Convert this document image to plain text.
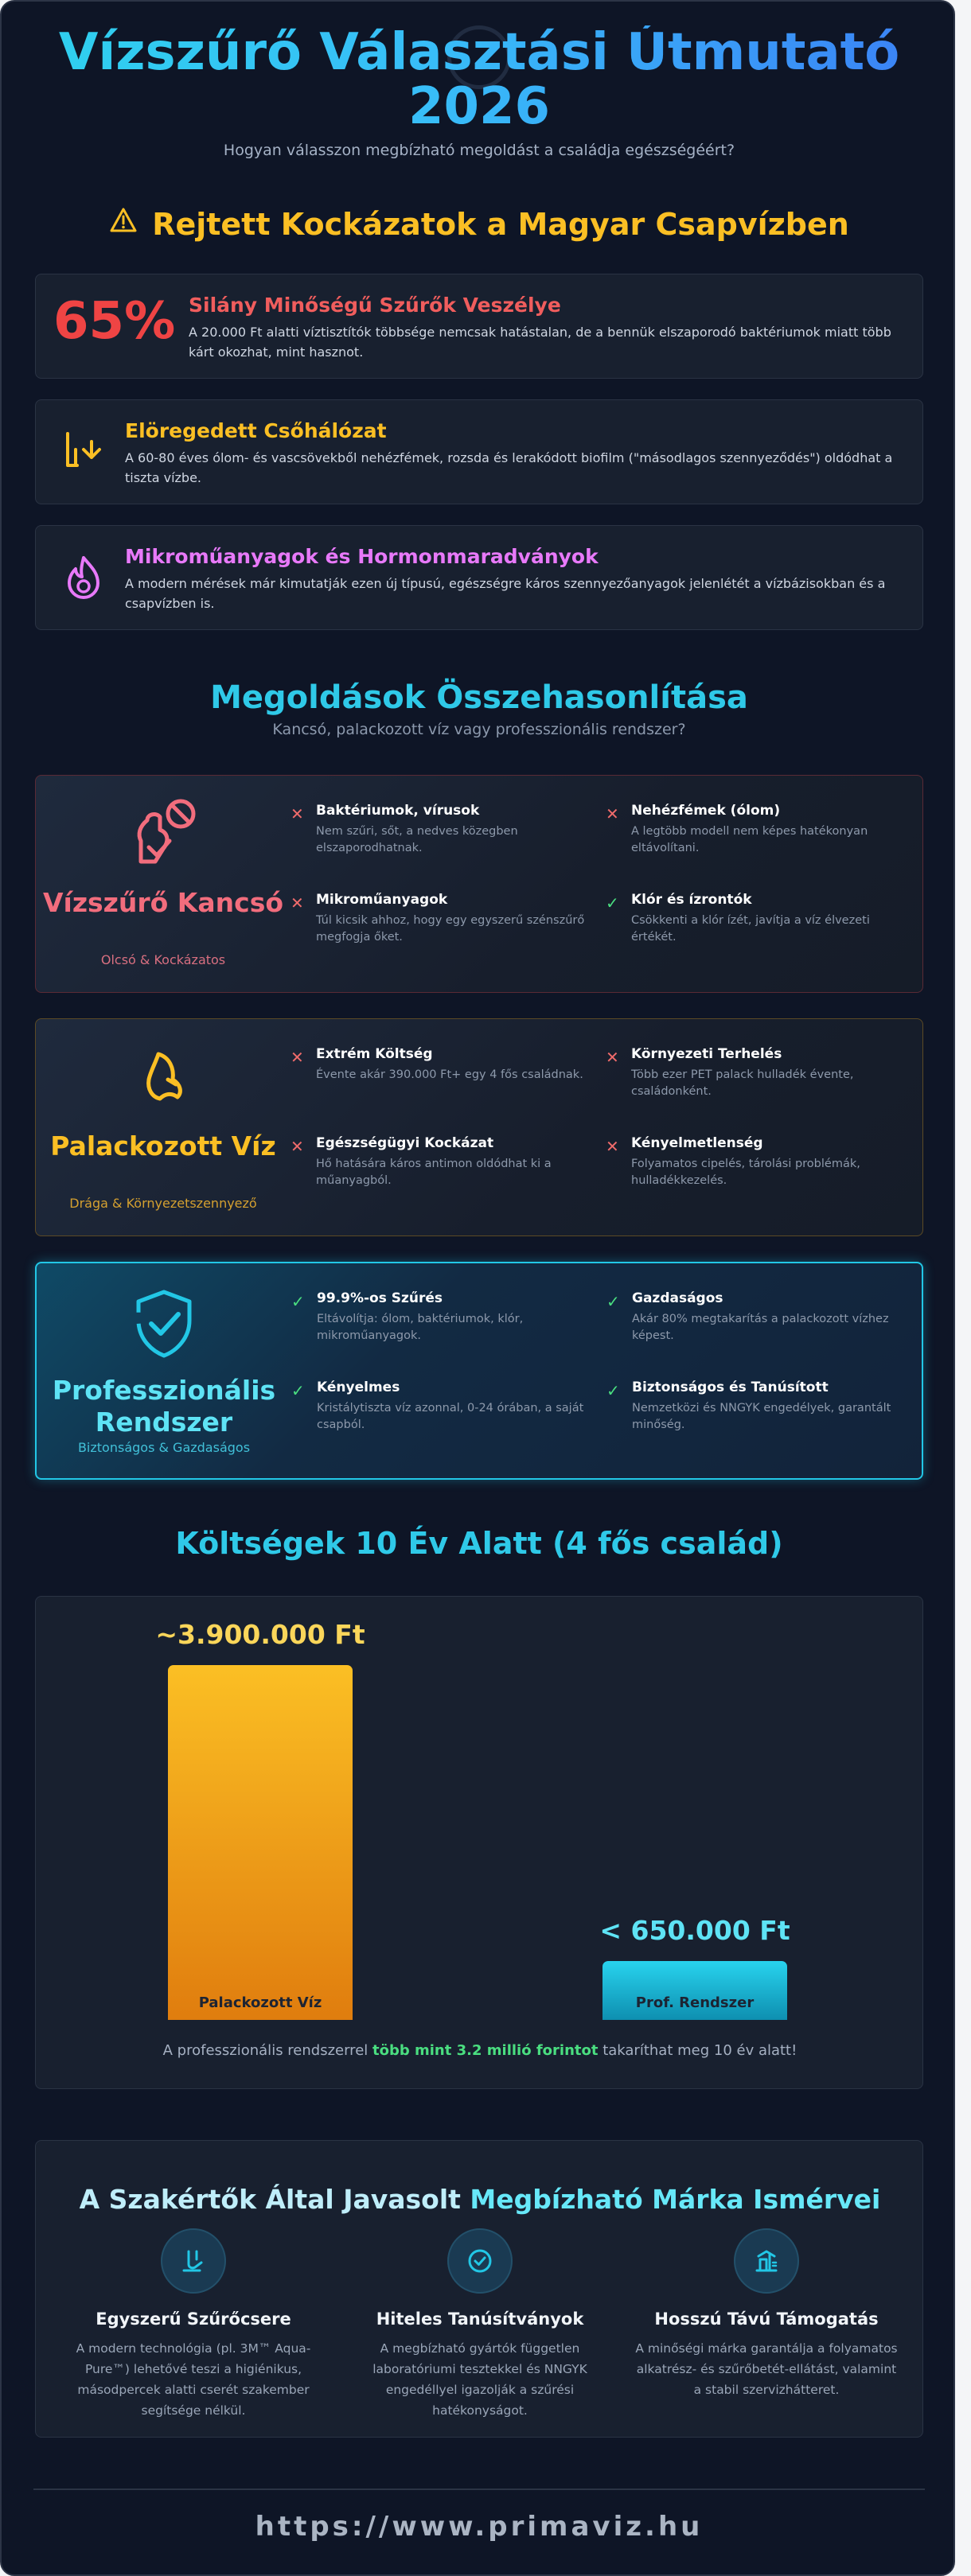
Vízszűrő Választási Útmutató 2026
Hogyan válasszon megbízható megoldást a családja egészségéért?
Rejtett Kockázatok a Magyar Csapvízben
65% Silány Minőségű Szűrők Veszélye
A 20.000 Ft alatti víztisztítók többsége nemcsak hatástalan, de a bennük elszaporodó baktériumok miatt több kárt okozhat, mint hasznot.
Elöregedett Csőhálózat
A 60-80 éves ólom- és vascsövekből nehézfémek, rozsda és lerakódott biofilm ("másodlagos szennyeződés") oldódhat a tiszta vízbe.
Mikroműanyagok és Hormonmaradványok
A modern mérések már kimutatják ezen új típusú, egészségre káros szennyezőanyagok jelenlétét a vízbázisokban és a csapvízben is.
Megoldások Összehasonlítása
Kancsó, palackozott víz vagy professzionális rendszer?
Vízszűrő Kancsó
Olcsó & Kockázatos
✕ Baktériumok, vírusok
Nem szűri, sőt, a nedves közegben elszaporodhatnak.
✕ Nehézfémek (ólom)
A legtöbb modell nem képes hatékonyan eltávolítani.
✕ Mikroműanyagok
Túl kicsik ahhoz, hogy egy egyszerű szénszűrő megfogja őket.
✓ Klór és ízrontók
Csökkenti a klór ízét, javítja a víz élvezeti értékét.
Palackozott Víz
Drága & Környezetszennyező
✕ Extrém Költség
Évente akár 390.000 Ft+ egy 4 fős családnak.
✕ Környezeti Terhelés
Több ezer PET palack hulladék évente, családonként.
✕ Egészségügyi Kockázat
Hő hatására káros antimon oldódhat ki a műanyagból.
✕ Kényelmetlenség
Folyamatos cipelés, tárolási problémák, hulladékkezelés.
Professzionális Rendszer
Biztonságos & Gazdaságos
✓ 99.9%-os Szűrés
Eltávolítja: ólom, baktériumok, klór, mikroműanyagok.
✓ Gazdaságos
Akár 80% megtakarítás a palackozott vízhez képest.
✓ Kényelmes
Kristálytiszta víz azonnal, 0-24 órában, a saját csapból.
✓ Biztonságos és Tanúsított
Nemzetközi és NNGYK engedélyek, garantált minőség.
Költségek 10 Év Alatt (4 fős család)
A professzionális rendszerrel több mint 3.2 millió forintot takaríthat meg 10 év alatt!
Palackozott Víz
~3.900.000 Ft
Prof. Rendszer
< 650.000 Ft
A Szakértők Által Javasolt Megbízható Márka Ismérvei
Egyszerű Szűrőcsere
A modern technológia (pl. 3M™ Aqua-Pure™) lehetővé teszi a higiénikus, másodpercek alatti cserét szakember segítsége nélkül.
Hiteles Tanúsítványok
A megbízható gyártók független laboratóriumi tesztekkel és NNGYK engedéllyel igazolják a szűrési hatékonyságot.
Hosszú Távú Támogatás
A minőségi márka garantálja a folyamatos alkatrész- és szűrőbetét-ellátást, valamint a stabil szervizhátteret.
https://www.primaviz.hu
